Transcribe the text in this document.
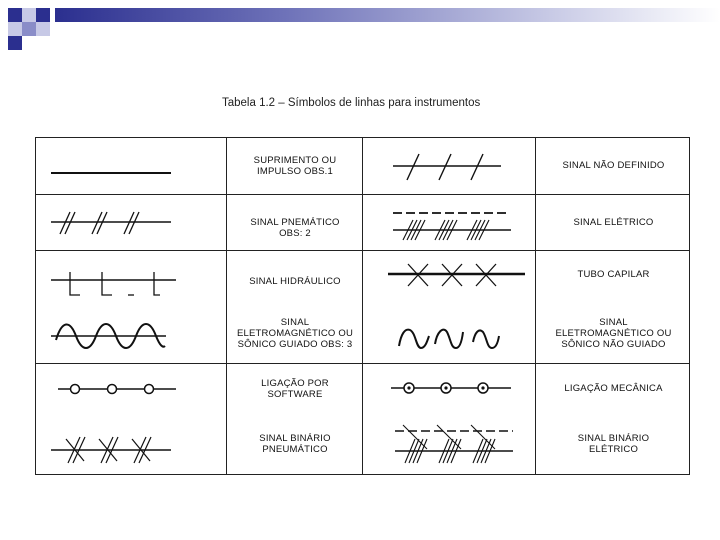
Tabela 1.2 – Símbolos de linhas para instrumentos
SUPRIMENTO OU
IMPULSO OBS.1
SINAL PNEMÁTICO
OBS: 2
SINAL HIDRÁULICO
SINAL
ELETROMAGNÉTICO OU
SÔNICO GUIADO OBS: 3
LIGAÇÃO POR
SOFTWARE
SINAL BINÁRIO
PNEUMÁTICO
SINAL NÃO DEFINIDO
SINAL ELÉTRICO
TUBO CAPILAR
SINAL
ELETROMAGNÉTICO OU
SÔNICO NÃO GUIADO
LIGAÇÃO MECÂNICA
SINAL BINÁRIO
ELÉTRICO
